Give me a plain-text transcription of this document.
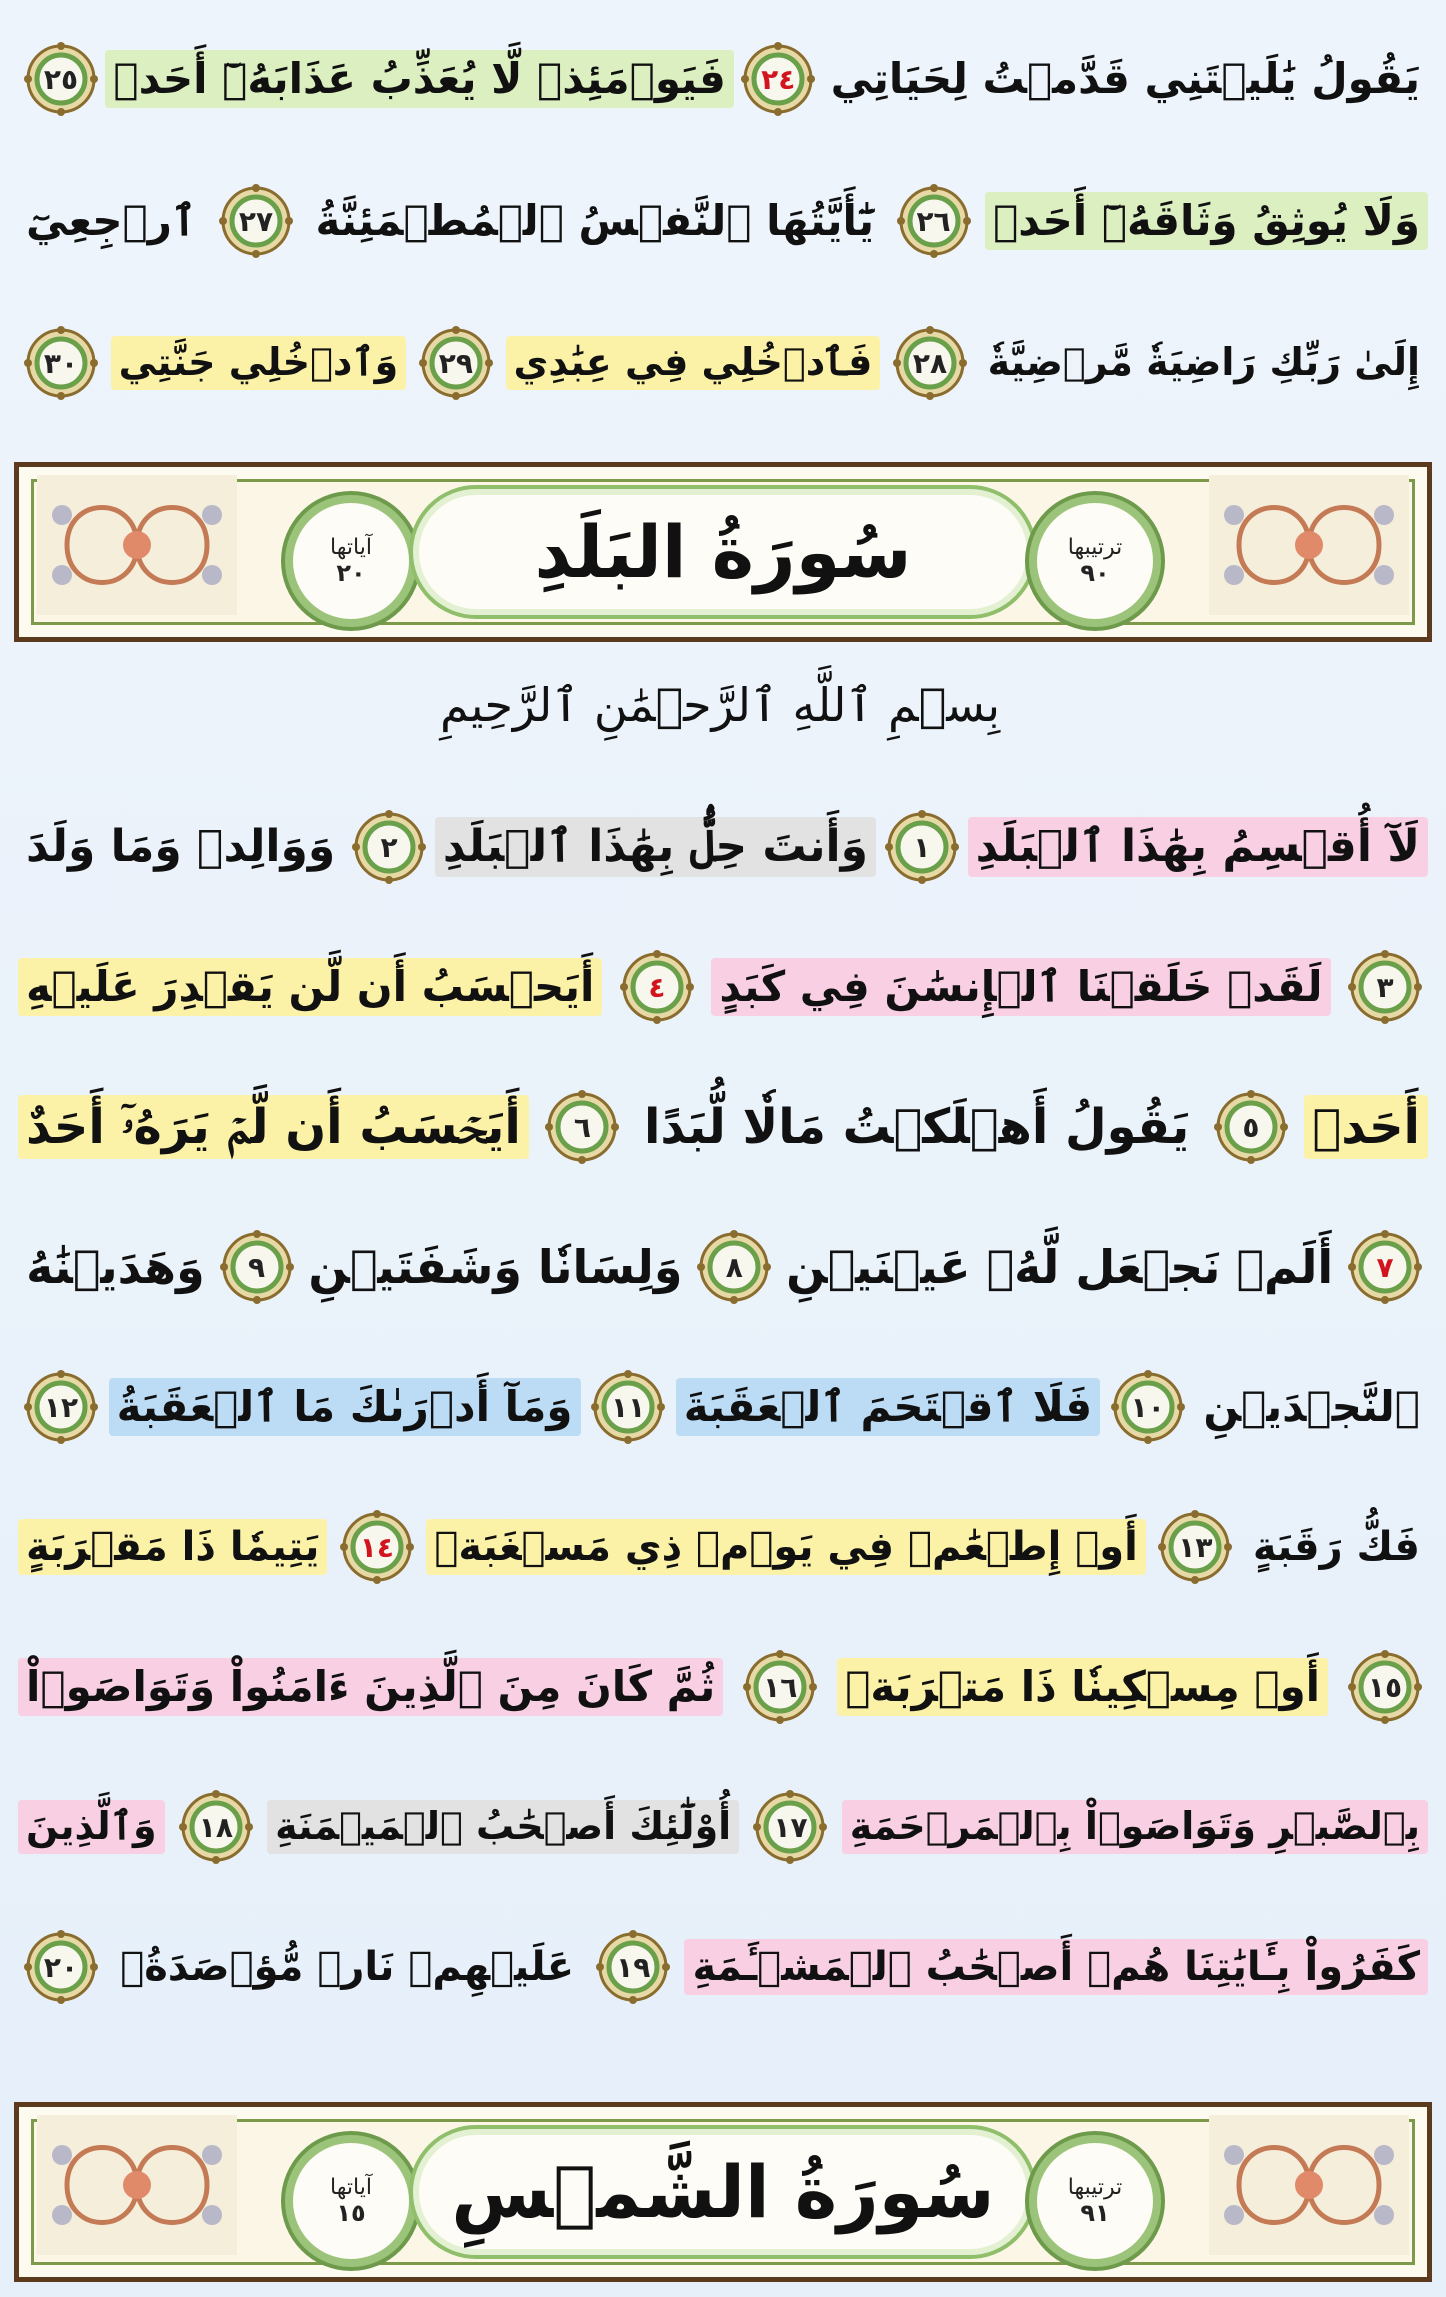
يَقُولُ يَٰلَيۡتَنِي قَدَّمۡتُ لِحَيَاتِي
٢٤
فَيَوۡمَئِذٖ لَّا يُعَذِّبُ عَذَابَهُۥٓ أَحَدٞ
٢٥
وَلَا يُوثِقُ وَثَاقَهُۥٓ أَحَدٞ
٢٦
يَٰٓأَيَّتُهَا ٱلنَّفۡسُ ٱلۡمُطۡمَئِنَّةُ
٢٧
ٱرۡجِعِيٓ
إِلَىٰ رَبِّكِ رَاضِيَةٗ مَّرۡضِيَّةٗ
٢٨
فَٱدۡخُلِي فِي عِبَٰدِي
٢٩
وَٱدۡخُلِي جَنَّتِي
٣٠
آياتها
٢٠	سُورَةُ البَلَدِ	ترتيبها
٩٠
بِسۡمِ ٱللَّهِ ٱلرَّحۡمَٰنِ ٱلرَّحِيمِ
لَآ أُقۡسِمُ بِهَٰذَا ٱلۡبَلَدِ
١
وَأَنتَ حِلُّۢ بِهَٰذَا ٱلۡبَلَدِ
٢
وَوَالِدٖ وَمَا وَلَدَ
٣
لَقَدۡ خَلَقۡنَا ٱلۡإِنسَٰنَ فِي كَبَدٍ
٤
أَيَحۡسَبُ أَن لَّن يَقۡدِرَ عَلَيۡهِ
أَحَدٞ
٥
يَقُولُ أَهۡلَكۡتُ مَالٗا لُّبَدًا
٦
أَيَحۡسَبُ أَن لَّمۡ يَرَهُۥٓ أَحَدٌ
٧
أَلَمۡ نَجۡعَل لَّهُۥ عَيۡنَيۡنِ
٨
وَلِسَانٗا وَشَفَتَيۡنِ
٩
وَهَدَيۡنَٰهُ
ٱلنَّجۡدَيۡنِ
١٠
فَلَا ٱقۡتَحَمَ ٱلۡعَقَبَةَ
١١
وَمَآ أَدۡرَىٰكَ مَا ٱلۡعَقَبَةُ
١٢
فَكُّ رَقَبَةٍ
١٣
أَوۡ إِطۡعَٰمٞ فِي يَوۡمٖ ذِي مَسۡغَبَةٖ
١٤
يَتِيمٗا ذَا مَقۡرَبَةٍ
١٥
أَوۡ مِسۡكِينٗا ذَا مَتۡرَبَةٖ
١٦
ثُمَّ كَانَ مِنَ ٱلَّذِينَ ءَامَنُواْ وَتَوَاصَوۡاْ
بِٱلصَّبۡرِ وَتَوَاصَوۡاْ بِٱلۡمَرۡحَمَةِ
١٧
أُوْلَٰٓئِكَ أَصۡحَٰبُ ٱلۡمَيۡمَنَةِ
١٨
وَٱلَّذِينَ
كَفَرُواْ بِـَٔايَٰتِنَا هُمۡ أَصۡحَٰبُ ٱلۡمَشۡـَٔمَةِ
١٩
عَلَيۡهِمۡ نَارٞ مُّؤۡصَدَةُۢ
٢٠
آياتها
١٥	سُورَةُ الشَّمۡسِ	ترتيبها
٩١
